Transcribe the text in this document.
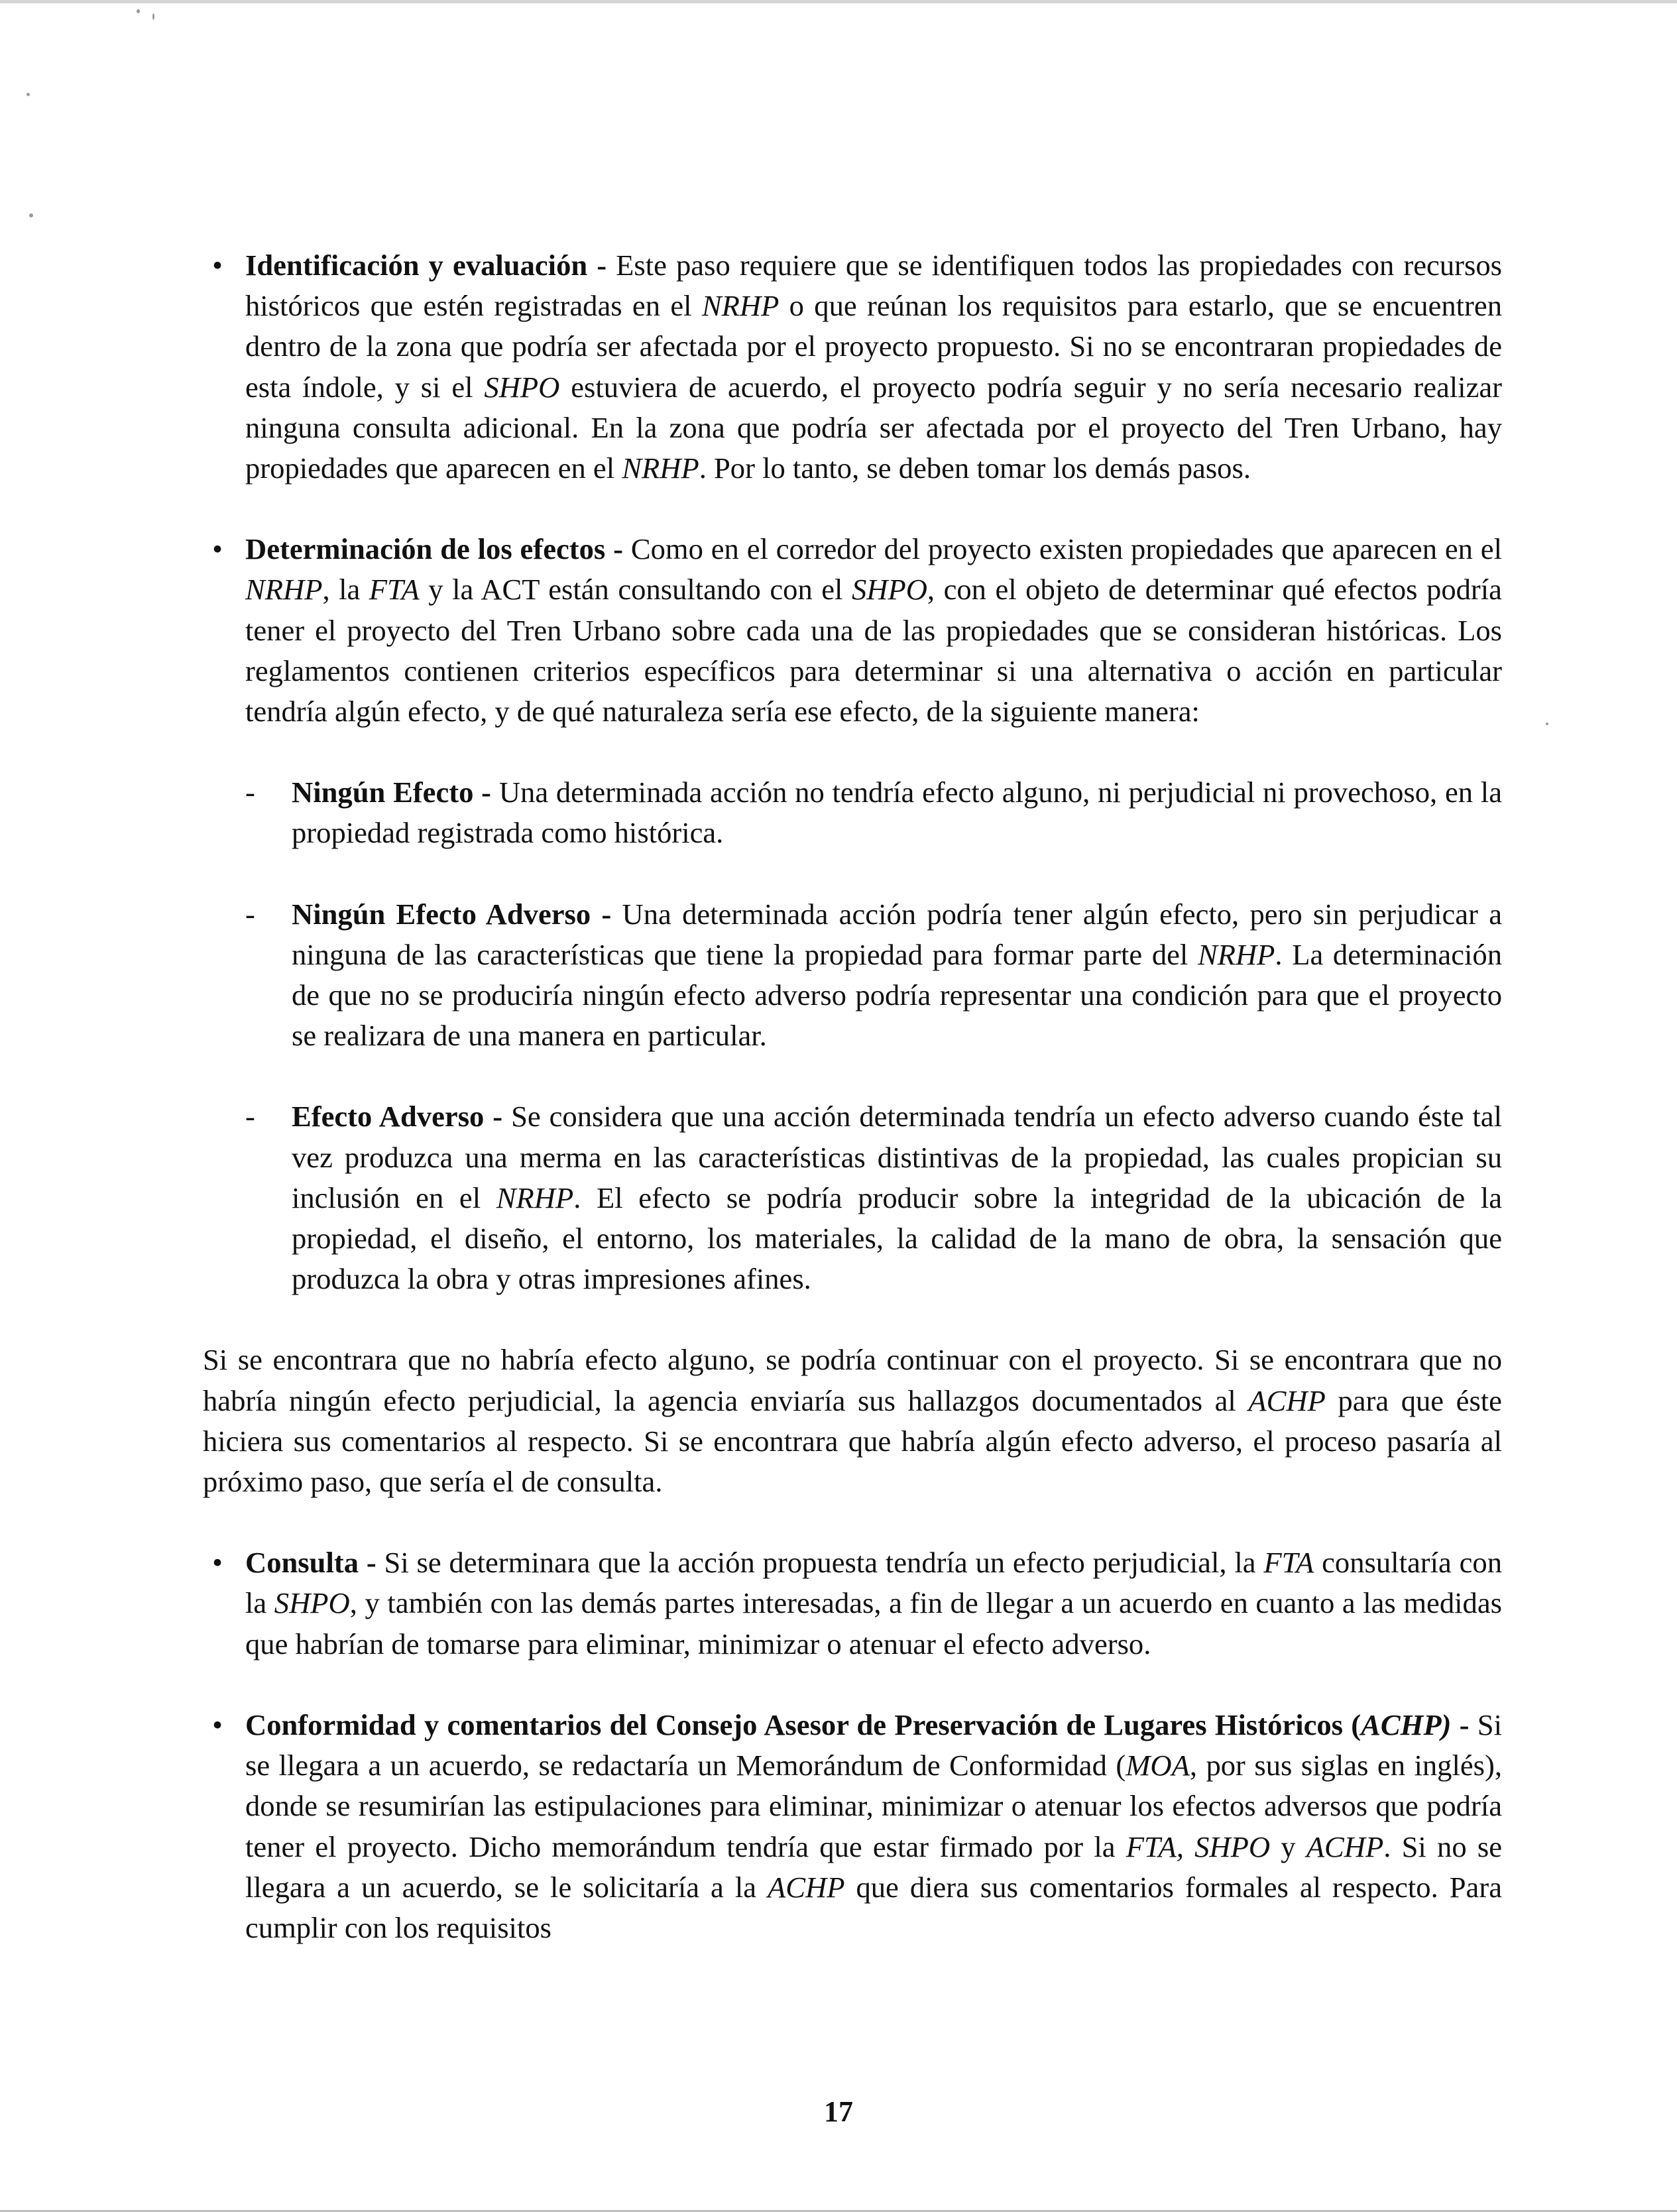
• Identificación y evaluación - Este paso requiere que se identifiquen todos las propiedades con recursos históricos que estén registradas en el NRHP o que reúnan los requisitos para estarlo, que se encuentren dentro de la zona que podría ser afectada por el proyecto propuesto. Si no se encontraran propiedades de esta índole, y si el SHPO estuviera de acuerdo, el proyecto podría seguir y no sería necesario realizar ninguna consulta adicional. En la zona que podría ser afectada por el proyecto del Tren Urbano, hay propiedades que aparecen en el NRHP. Por lo tanto, se deben tomar los demás pasos.

• Determinación de los efectos - Como en el corredor del proyecto existen propiedades que aparecen en el NRHP, la FTA y la ACT están consultando con el SHPO, con el objeto de determinar qué efectos podría tener el proyecto del Tren Urbano sobre cada una de las propiedades que se consideran históricas. Los reglamentos contienen criterios específicos para determinar si una alternativa o acción en particular tendría algún efecto, y de qué naturaleza sería ese efecto, de la siguiente manera:

- Ningún Efecto - Una determinada acción no tendría efecto alguno, ni perjudicial ni provechoso, en la propiedad registrada como histórica.

- Ningún Efecto Adverso - Una determinada acción podría tener algún efecto, pero sin perjudicar a ninguna de las características que tiene la propiedad para formar parte del NRHP. La determinación de que no se produciría ningún efecto adverso podría representar una condición para que el proyecto se realizara de una manera en particular.

- Efecto Adverso - Se considera que una acción determinada tendría un efecto adverso cuando éste tal vez produzca una merma en las características distintivas de la propiedad, las cuales propician su inclusión en el NRHP. El efecto se podría producir sobre la integridad de la ubicación de la propiedad, el diseño, el entorno, los materiales, la calidad de la mano de obra, la sensación que produzca la obra y otras impresiones afines.

Si se encontrara que no habría efecto alguno, se podría continuar con el proyecto. Si se encontrara que no habría ningún efecto perjudicial, la agencia enviaría sus hallazgos documentados al ACHP para que éste hiciera sus comentarios al respecto. Si se encontrara que habría algún efecto adverso, el proceso pasaría al próximo paso, que sería el de consulta.

• Consulta - Si se determinara que la acción propuesta tendría un efecto perjudicial, la FTA consultaría con la SHPO, y también con las demás partes interesadas, a fin de llegar a un acuerdo en cuanto a las medidas que habrían de tomarse para eliminar, minimizar o atenuar el efecto adverso.

• Conformidad y comentarios del Consejo Asesor de Preservación de Lugares Históricos (ACHP) - Si se llegara a un acuerdo, se redactaría un Memorándum de Conformidad (MOA, por sus siglas en inglés), donde se resumirían las estipulaciones para eliminar, minimizar o atenuar los efectos adversos que podría tener el proyecto. Dicho memorándum tendría que estar firmado por la FTA, SHPO y ACHP. Si no se llegara a un acuerdo, se le solicitaría a la ACHP que diera sus comentarios formales al respecto. Para cumplir con los requisitos

17
